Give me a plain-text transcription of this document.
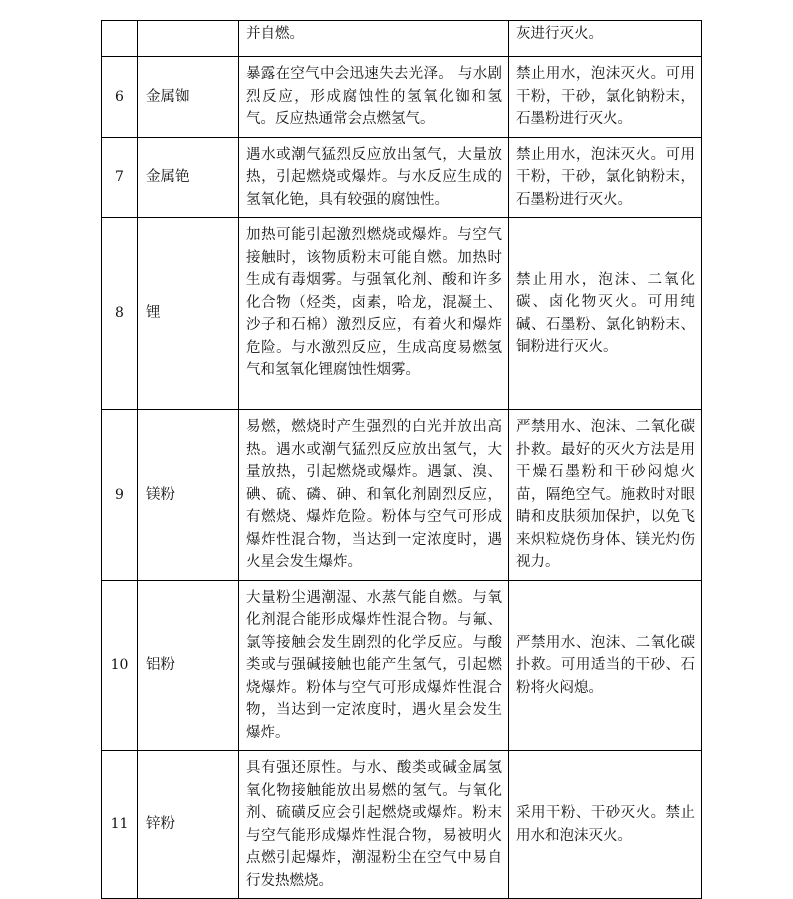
		并自燃。	灰进行灭火。
6	金属铷	暴露在空气中会迅速失去光泽。 与水剧烈反应，形成腐蚀性的氢氧化铷和氢气。反应热通常会点燃氢气。	禁止用水，泡沫灭火。可用干粉，干砂，氯化钠粉末，石墨粉进行灭火。
7	金属铯	遇水或潮气猛烈反应放出氢气，大量放热，引起燃烧或爆炸。与水反应生成的氢氧化铯，具有较强的腐蚀性。	禁止用水，泡沫灭火。可用干粉，干砂，氯化钠粉末，石墨粉进行灭火。
8	锂	加热可能引起激烈燃烧或爆炸。与空气接触时，该物质粉末可能自燃。加热时生成有毒烟雾。与强氧化剂、酸和许多化合物（烃类，卤素，哈龙，混凝土、沙子和石棉）激烈反应，有着火和爆炸危险。与水激烈反应，生成高度易燃氢气和氢氧化锂腐蚀性烟雾。	禁止用水，泡沫、二氧化碳、卤化物灭火。可用纯碱、石墨粉、氯化钠粉末、铜粉进行灭火。
9	镁粉	易燃，燃烧时产生强烈的白光并放出高热。遇水或潮气猛烈反应放出氢气，大量放热，引起燃烧或爆炸。遇氯、溴、碘、硫、磷、砷、和氧化剂剧烈反应，有燃烧、爆炸危险。粉体与空气可形成爆炸性混合物，当达到一定浓度时，遇火星会发生爆炸。	严禁用水、泡沫、二氧化碳扑救。最好的灭火方法是用干燥石墨粉和干砂闷熄火苗，隔绝空气。施救时对眼睛和皮肤须加保护，以免飞来炽粒烧伤身体、镁光灼伤视力。
10	铝粉	大量粉尘遇潮湿、水蒸气能自燃。与氧化剂混合能形成爆炸性混合物。与氟、氯等接触会发生剧烈的化学反应。与酸类或与强碱接触也能产生氢气，引起燃烧爆炸。粉体与空气可形成爆炸性混合物，当达到一定浓度时，遇火星会发生爆炸。	严禁用水、泡沫、二氧化碳扑救。可用适当的干砂、石粉将火闷熄。
11	锌粉	具有强还原性。与水、酸类或碱金属氢氧化物接触能放出易燃的氢气。与氧化剂、硫磺反应会引起燃烧或爆炸。粉末与空气能形成爆炸性混合物，易被明火点燃引起爆炸，潮湿粉尘在空气中易自行发热燃烧。	采用干粉、干砂灭火。禁止用水和泡沫灭火。
